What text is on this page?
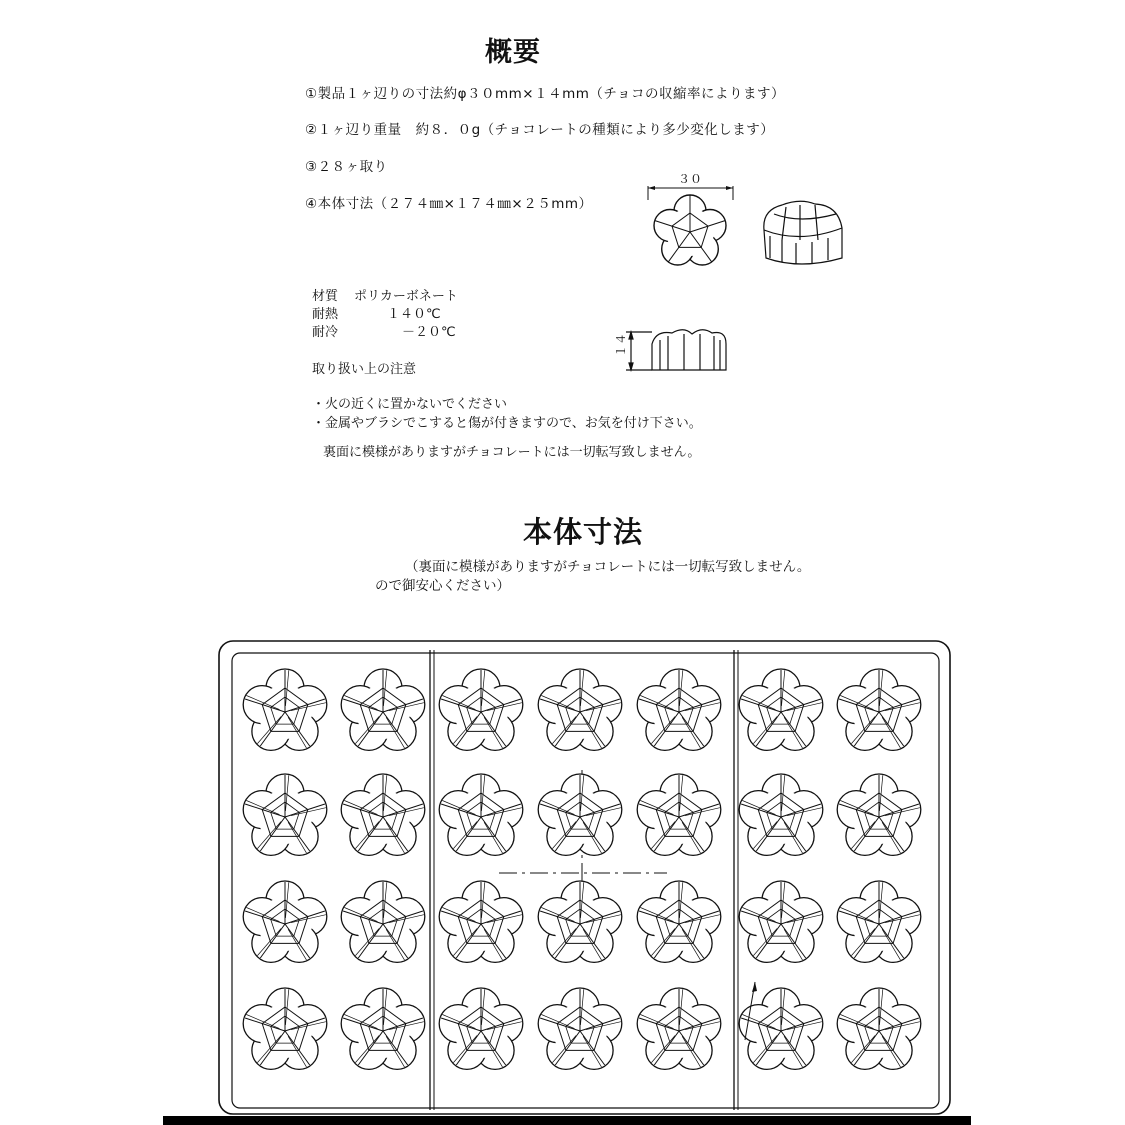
概要
①製品１ヶ辺りの寸法約φ３０mm×１４mm（チョコの収縮率によります）
②１ヶ辺り重量　約８．０g（チョコレートの種類により多少変化します）
③２８ヶ取り
④本体寸法（２７４㎜×１７４㎜×２５mm）
材質 ポリカーボネート
耐熱	　１４０℃
耐冷	－２０℃
取り扱い上の注意
・火の近くに置かないでください
・金属やブラシでこすると傷が付きますので、お気を付け下さい。
裏面に模様がありますがチョコレートには一切転写致しません。
本体寸法
（裏面に模様がありますがチョコレートには一切転写致しません。
ので御安心ください）
３０
１４
